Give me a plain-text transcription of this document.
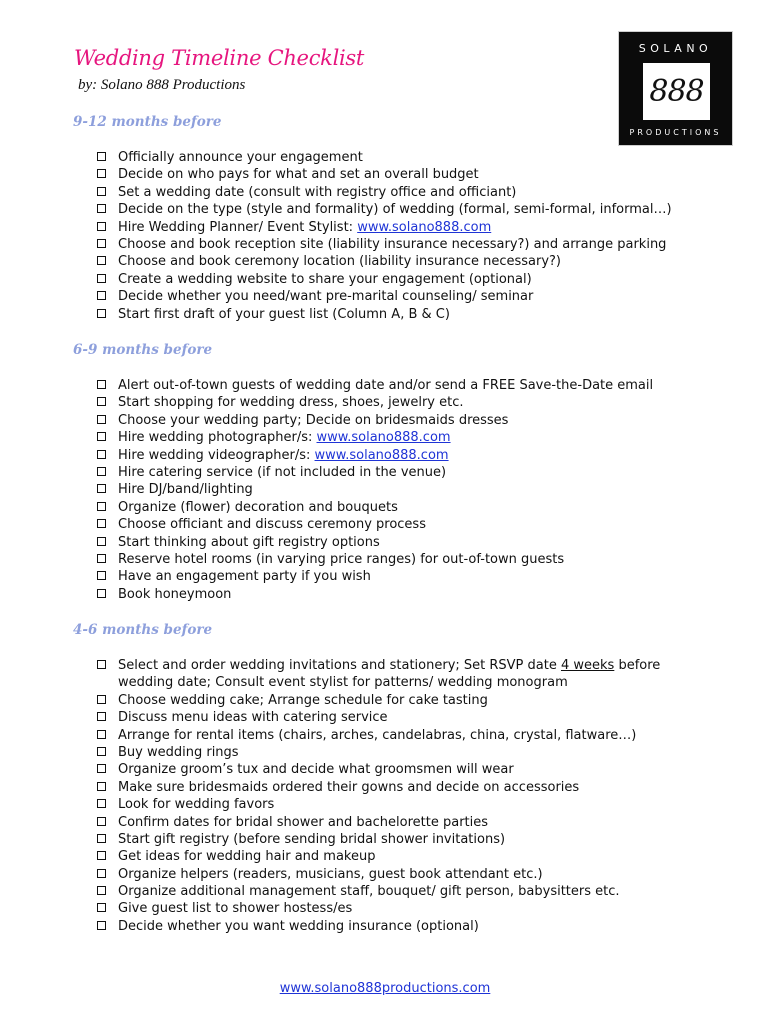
Wedding Timeline Checklist
by: Solano 888 Productions
SOLANO
888
PRODUCTIONS
9-12 months before
Officially announce your engagement
Decide on who pays for what and set an overall budget
Set a wedding date (consult with registry office and officiant)
Decide on the type (style and formality) of wedding (formal, semi-formal, informal…)
Hire Wedding Planner/ Event Stylist: www.solano888.com
Choose and book reception site (liability insurance necessary?) and arrange parking
Choose and book ceremony location (liability insurance necessary?)
Create a wedding website to share your engagement (optional)
Decide whether you need/want pre-marital counseling/ seminar
Start first draft of your guest list (Column A, B & C)
6-9 months before
Alert out-of-town guests of wedding date and/or send a FREE Save-the-Date email
Start shopping for wedding dress, shoes, jewelry etc.
Choose your wedding party; Decide on bridesmaids dresses
Hire wedding photographer/s: www.solano888.com
Hire wedding videographer/s: www.solano888.com
Hire catering service (if not included in the venue)
Hire DJ/band/lighting
Organize (flower) decoration and bouquets
Choose officiant and discuss ceremony process
Start thinking about gift registry options
Reserve hotel rooms (in varying price ranges) for out-of-town guests
Have an engagement party if you wish
Book honeymoon
4-6 months before
Select and order wedding invitations and stationery; Set RSVP date 4 weeks before wedding date; Consult event stylist for patterns/ wedding monogram
Choose wedding cake; Arrange schedule for cake tasting
Discuss menu ideas with catering service
Arrange for rental items (chairs, arches, candelabras, china, crystal, flatware…)
Buy wedding rings
Organize groom’s tux and decide what groomsmen will wear
Make sure bridesmaids ordered their gowns and decide on accessories
Look for wedding favors
Confirm dates for bridal shower and bachelorette parties
Start gift registry (before sending bridal shower invitations)
Get ideas for wedding hair and makeup
Organize helpers (readers, musicians, guest book attendant etc.)
Organize additional management staff, bouquet/ gift person, babysitters etc.
Give guest list to shower hostess/es
Decide whether you want wedding insurance (optional)
www.solano888productions.com
